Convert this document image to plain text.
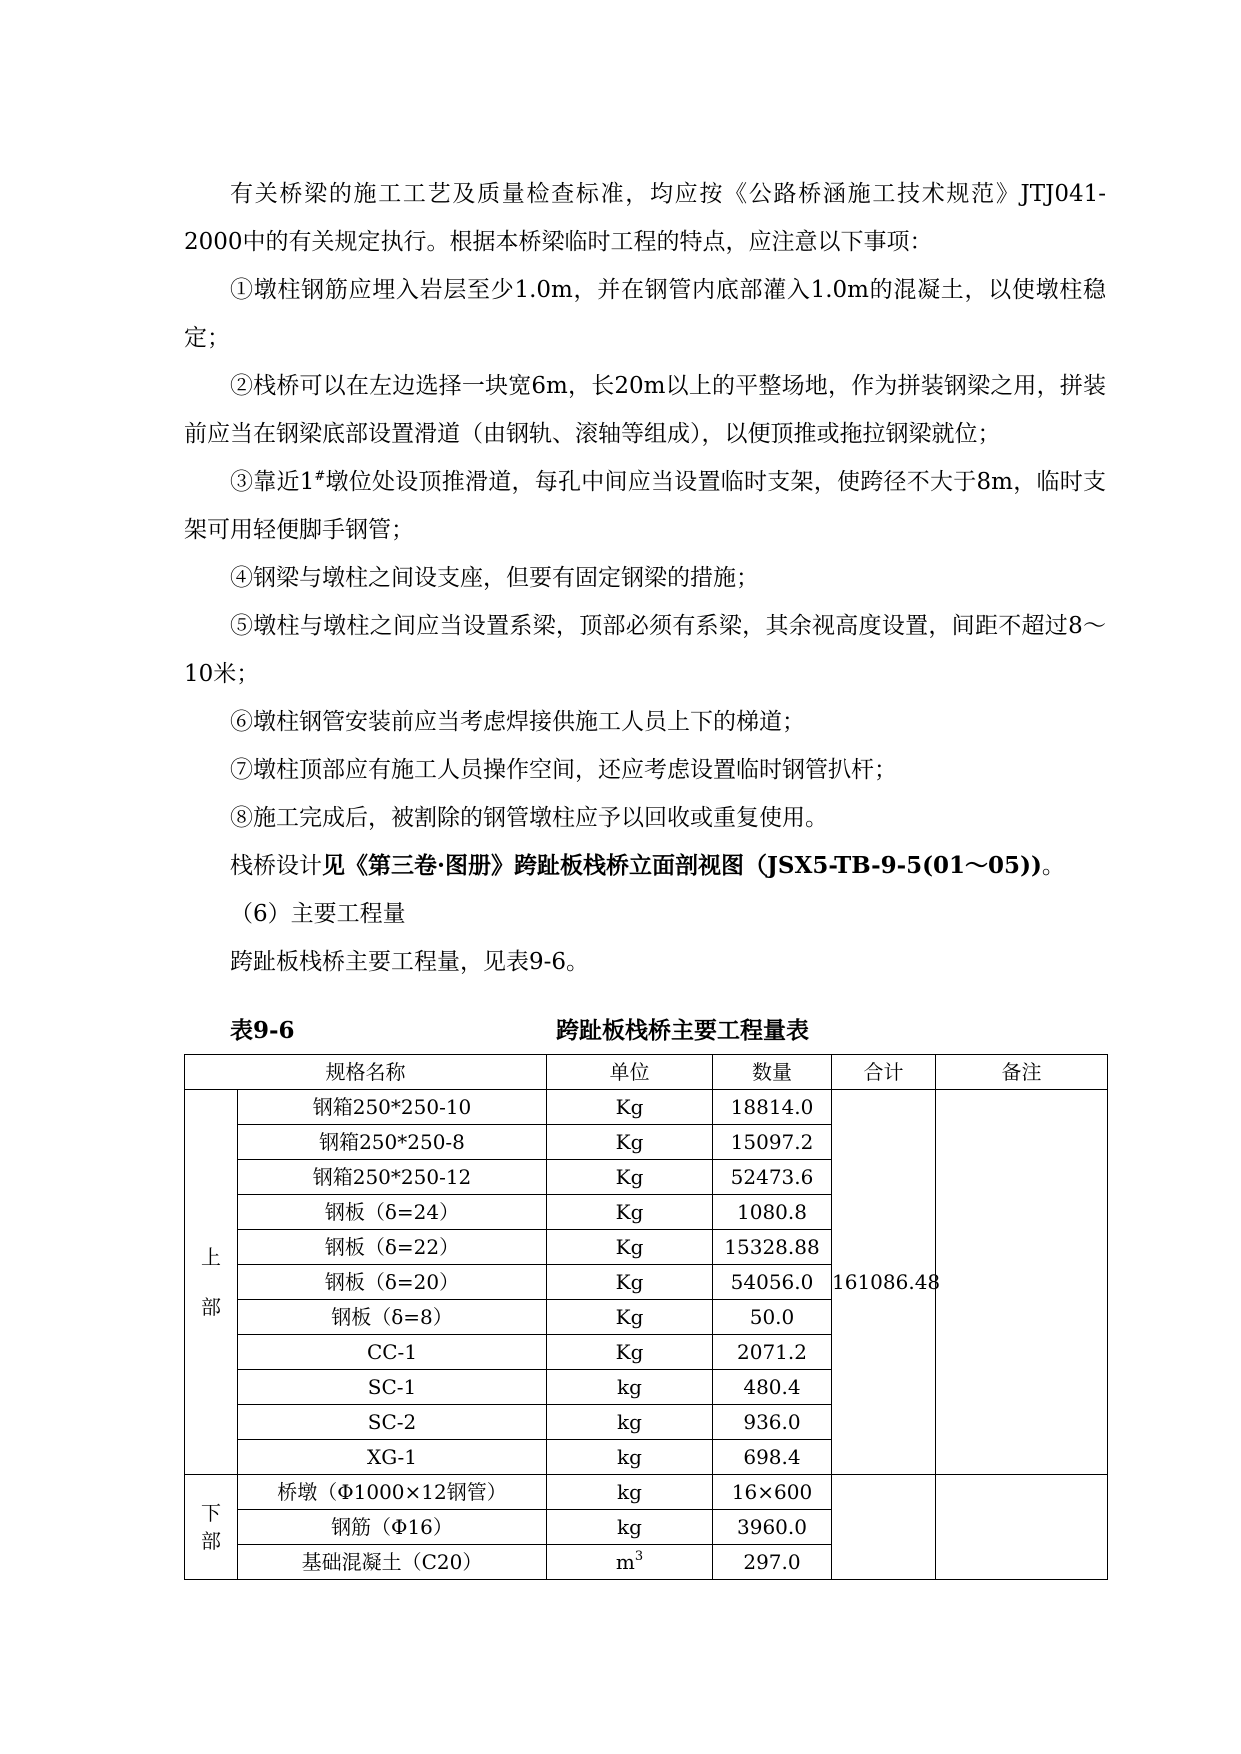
有关桥梁的施工工艺及质量检查标准，均应按《公路桥涵施工技术规范》JTJ041-2000中的有关规定执行。根据本桥梁临时工程的特点，应注意以下事项：

①墩柱钢筋应埋入岩层至少1.0m，并在钢管内底部灌入1.0m的混凝土，以使墩柱稳定；

②栈桥可以在左边选择一块宽6m，长20m以上的平整场地，作为拼装钢梁之用，拼装前应当在钢梁底部设置滑道（由钢轨、滚轴等组成），以便顶推或拖拉钢梁就位；

③靠近1#墩位处设顶推滑道，每孔中间应当设置临时支架，使跨径不大于8m，临时支架可用轻便脚手钢管；

④钢梁与墩柱之间设支座，但要有固定钢梁的措施；

⑤墩柱与墩柱之间应当设置系梁，顶部必须有系梁，其余视高度设置，间距不超过8～10米；

⑥墩柱钢管安装前应当考虑焊接供施工人员上下的梯道；

⑦墩柱顶部应有施工人员操作空间，还应考虑设置临时钢管扒杆；

⑧施工完成后，被割除的钢管墩柱应予以回收或重复使用。

栈桥设计见《第三卷·图册》跨趾板栈桥立面剖视图（JSX5-TB-9-5(01～05))。

（6）主要工程量

跨趾板栈桥主要工程量，见表9-6。

表9-6	跨趾板栈桥主要工程量表
规格名称		单位	数量	合计	备注
上
部	钢箱250*250-10	Kg	18814.0	161086.48	
	钢箱250*250-8	Kg	15097.2		
	钢箱250*250-12	Kg	52473.6		
	钢板（δ=24）	Kg	1080.8		
	钢板（δ=22）	Kg	15328.88		
	钢板（δ=20）	Kg	54056.0		
	钢板（δ=8）	Kg	50.0		
	CC-1	Kg	2071.2		
	SC-1	kg	480.4		
	SC-2	kg	936.0		
	XG-1	kg	698.4		
下
部	桥墩（Φ1000×12钢管）	kg	16×600		
	钢筋（Φ16）	kg	3960.0		
	基础混凝土（C20）	$m^3$	297.0		
